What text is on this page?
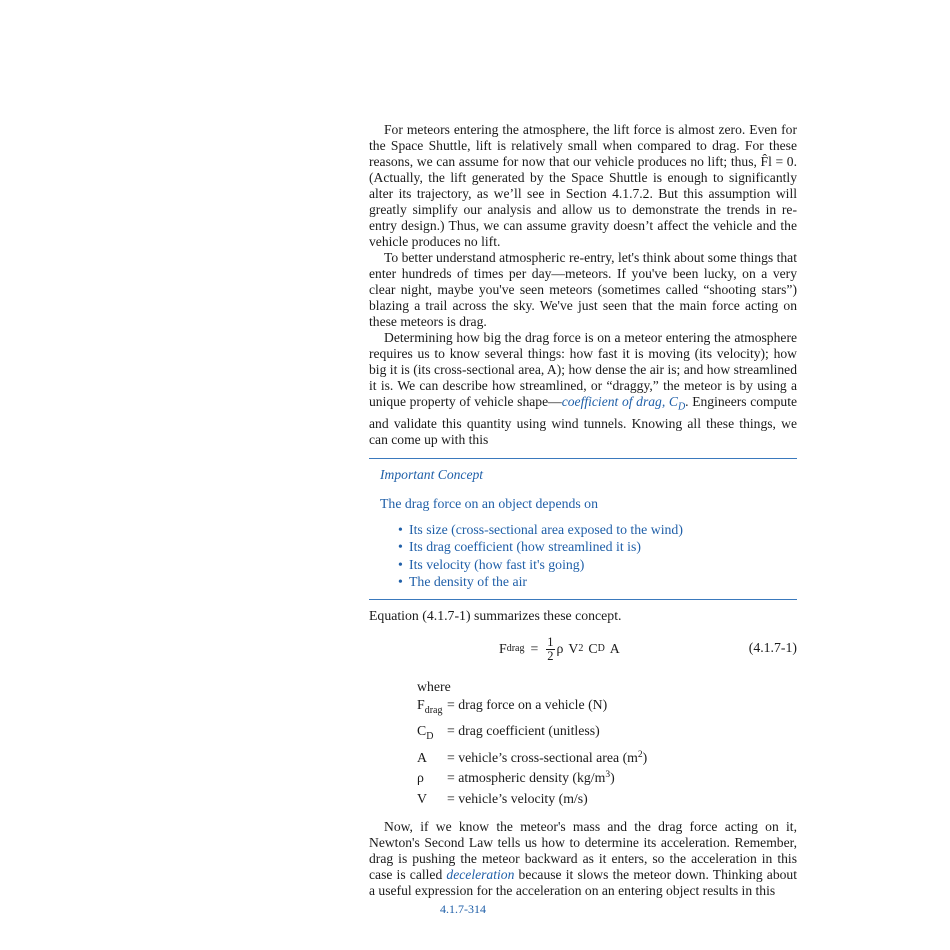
For meteors entering the atmosphere, the lift force is almost zero. Even for the Space Shuttle, lift is relatively small when compared to drag. For these reasons, we can assume for now that our vehicle produces no lift; thus, F̂l = 0. (Actually, the lift generated by the Space Shuttle is enough to significantly alter its trajectory, as we’ll see in Section 4.1.7.2. But this assumption will greatly simplify our analysis and allow us to demonstrate the trends in re-entry design.) Thus, we can assume gravity doesn’t affect the vehicle and the vehicle produces no lift.

To better understand atmospheric re-entry, let's think about some things that enter hundreds of times per day—meteors. If you've been lucky, on a very clear night, maybe you've seen meteors (sometimes called “shooting stars”) blazing a trail across the sky. We've just seen that the main force acting on these meteors is drag.

Determining how big the drag force is on a meteor entering the atmosphere requires us to know several things: how fast it is moving (its velocity); how big it is (its cross-sectional area, A); how dense the air is; and how streamlined it is. We can describe how streamlined, or “draggy,” the meteor is by using a unique property of vehicle shape—coefficient of drag, $C_D$. Engineers compute and validate this quantity using wind tunnels. Knowing all these things, we can come up with this

Important Concept
The drag force on an object depends on
• Its size (cross-sectional area exposed to the wind)
• Its drag coefficient (how streamlined it is)
• Its velocity (how fast it's going)
• The density of the air
Equation (4.1.7-1) summarizes these concept.
F drag = $\frac{1}{2}$ ρ V 2 C D A	(4.1.7-1)
where
$F_{drag}$ = drag force on a vehicle (N)
$C_D$ = drag coefficient (unitless)
A	= vehicle’s cross-sectional area $(m^2)$
ρ	= atmospheric density $(kg/m^3)$
V	= vehicle’s velocity (m/s)

Now, if we know the meteor's mass and the drag force acting on it, Newton's Second Law tells us how to determine its acceleration. Remember, drag is pushing the meteor backward as it enters, so the acceleration in this case is called deceleration because it slows the meteor down. Thinking about a useful expression for the acceleration on an entering object results in this

4.1.7-314
